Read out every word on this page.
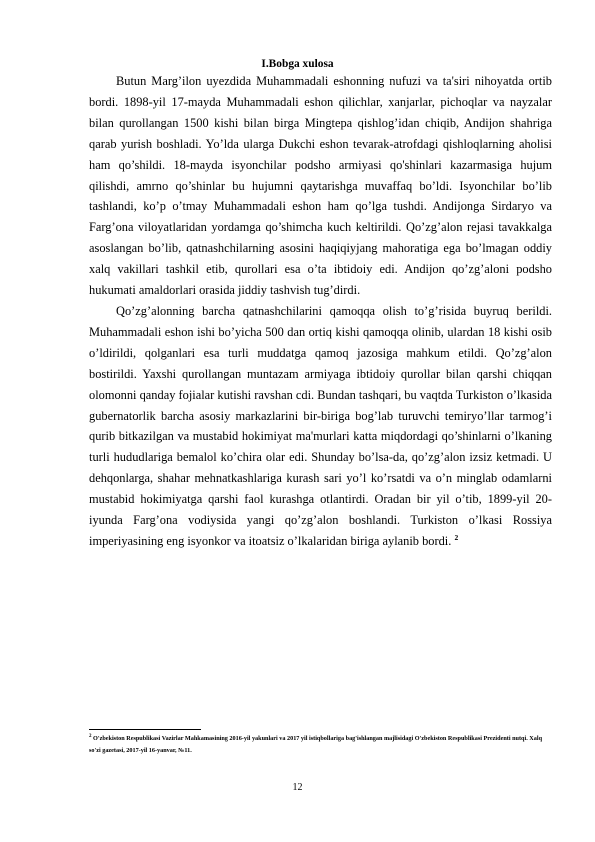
I.Bobga xulosa

Butun Marg’ilon uyezdida Muhammadali eshonning nufuzi va ta'siri nihoyatda ortib bordi. 1898-yil 17-mayda Muhammadali eshon qilichlar, xanjarlar, pichoqlar va nayzalar bilan qurollangan 1500 kishi bilan birga Mingtepa qishlog’idan chiqib, Andijon shahriga qarab yurish boshladi. Yo’lda ularga Dukchi eshon tevarak-atrofdagi qishloqlarning aholisi ham qo’shildi. 18-mayda isyonchilar podsho armiyasi qo'shinlari kazarmasiga hujum qilishdi, amrno qo’shinlar bu hujumni qaytarishga muvaffaq bo’ldi. Isyonchilar bo’lib tashlandi, ko’p o’tmay Muhammadali eshon ham qo’lga tushdi. Andijonga Sirdaryo va Farg’ona viloyatlaridan yordamga qo’shimcha kuch keltirildi. Qo’zg’alon rejasi tavakkalga asoslangan bo’lib, qatnashchilarning asosini haqiqiyjang mahoratiga ega bo’lmagan oddiy xalq vakillari tashkil etib, qurollari esa o’ta ibtidoiy edi. Andijon qo’zg’aloni podsho hukumati amaldorlari orasida jiddiy tashvish tug’dirdi.

Qo’zg’alonning barcha qatnashchilarini qamoqqa olish to’g’risida buyruq berildi. Muhammadali eshon ishi bo’yicha 500 dan ortiq kishi qamoqqa olinib, ulardan 18 kishi osib o’ldirildi, qolganlari esa turli muddatga qamoq jazosiga mahkum etildi. Qo’zg’alon bostirildi. Yaxshi qurollangan muntazam armiyaga ibtidoiy qurollar bilan qarshi chiqqan olomonni qanday fojialar kutishi ravshan cdi. Bundan tashqari, bu vaqtda Turkiston o’lkasida gubernatorlik barcha asosiy markazlarini bir-biriga bog’lab turuvchi temiryo’llar tarmog’i qurib bitkazilgan va mustabid hokimiyat ma'murlari katta miqdordagi qo’shinlarni o’lkaning turli hududlariga bemalol ko’chira olar edi. Shunday bo’lsa-da, qo’zg’alon izsiz ketmadi. U dehqonlarga, shahar mehnatkashlariga kurash sari yo’l ko’rsatdi va o’n minglab odamlarni mustabid hokimiyatga qarshi faol kurashga otlantirdi. Oradan bir yil o’tib, 1899-yil 20-iyunda Farg’ona vodiysida yangi qo’zg’alon boshlandi. Turkiston o’lkasi Rossiya imperiyasining eng isyonkor va itoatsiz o’lkalaridan biriga aylanib bordi. $^2$

$^2$ O'zbekiston Respublikasi Vazirlar Mahkamasining 2016-yil yakunlari va 2017 yil istiqbollariga bag'ishlangan majlisidagi O'zbekiston Respublikasi Prezidenti nutqi. Xalq so'zi gazetasi, 2017-yil 16-yanvar, №11.
12
